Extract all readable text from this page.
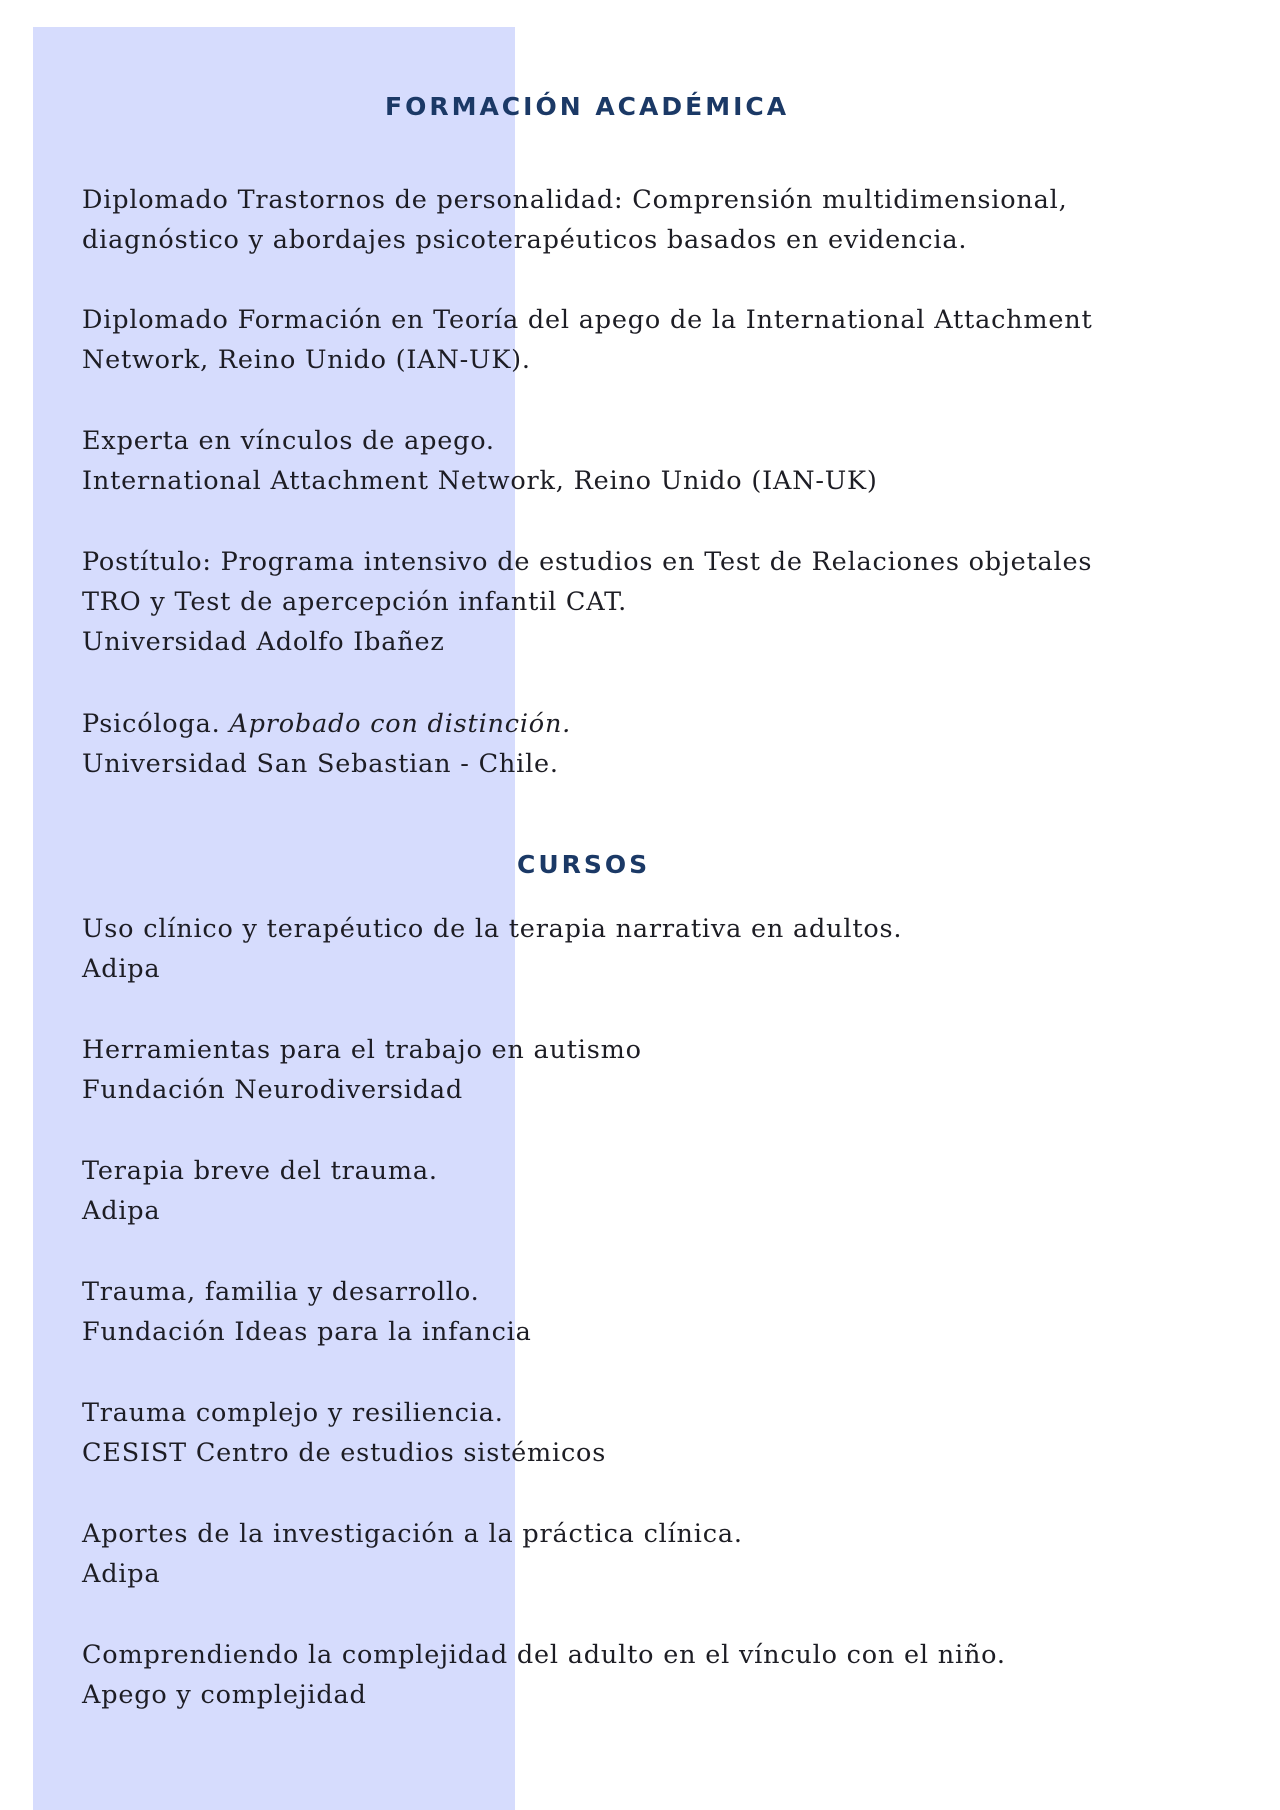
FORMACIÓN ACADÉMICA
Diplomado Trastornos de personalidad: Comprensión multidimensional,
diagnóstico y abordajes psicoterapéuticos basados en evidencia.
Diplomado Formación en Teoría del apego de la International Attachment
Network, Reino Unido (IAN-UK).
Experta en vínculos de apego.
International Attachment Network, Reino Unido (IAN-UK)
Postítulo: Programa intensivo de estudios en Test de Relaciones objetales
TRO y Test de apercepción infantil CAT.
Universidad Adolfo Ibañez
Psicóloga. Aprobado con distinción.
Universidad San Sebastian - Chile.
CURSOS
Uso clínico y terapéutico de la terapia narrativa en adultos.
Adipa
Herramientas para el trabajo en autismo
Fundación Neurodiversidad
Terapia breve del trauma.
Adipa
Trauma, familia y desarrollo.
Fundación Ideas para la infancia
Trauma complejo y resiliencia.
CESIST Centro de estudios sistémicos
Aportes de la investigación a la práctica clínica.
Adipa
Comprendiendo la complejidad del adulto en el vínculo con el niño.
Apego y complejidad
